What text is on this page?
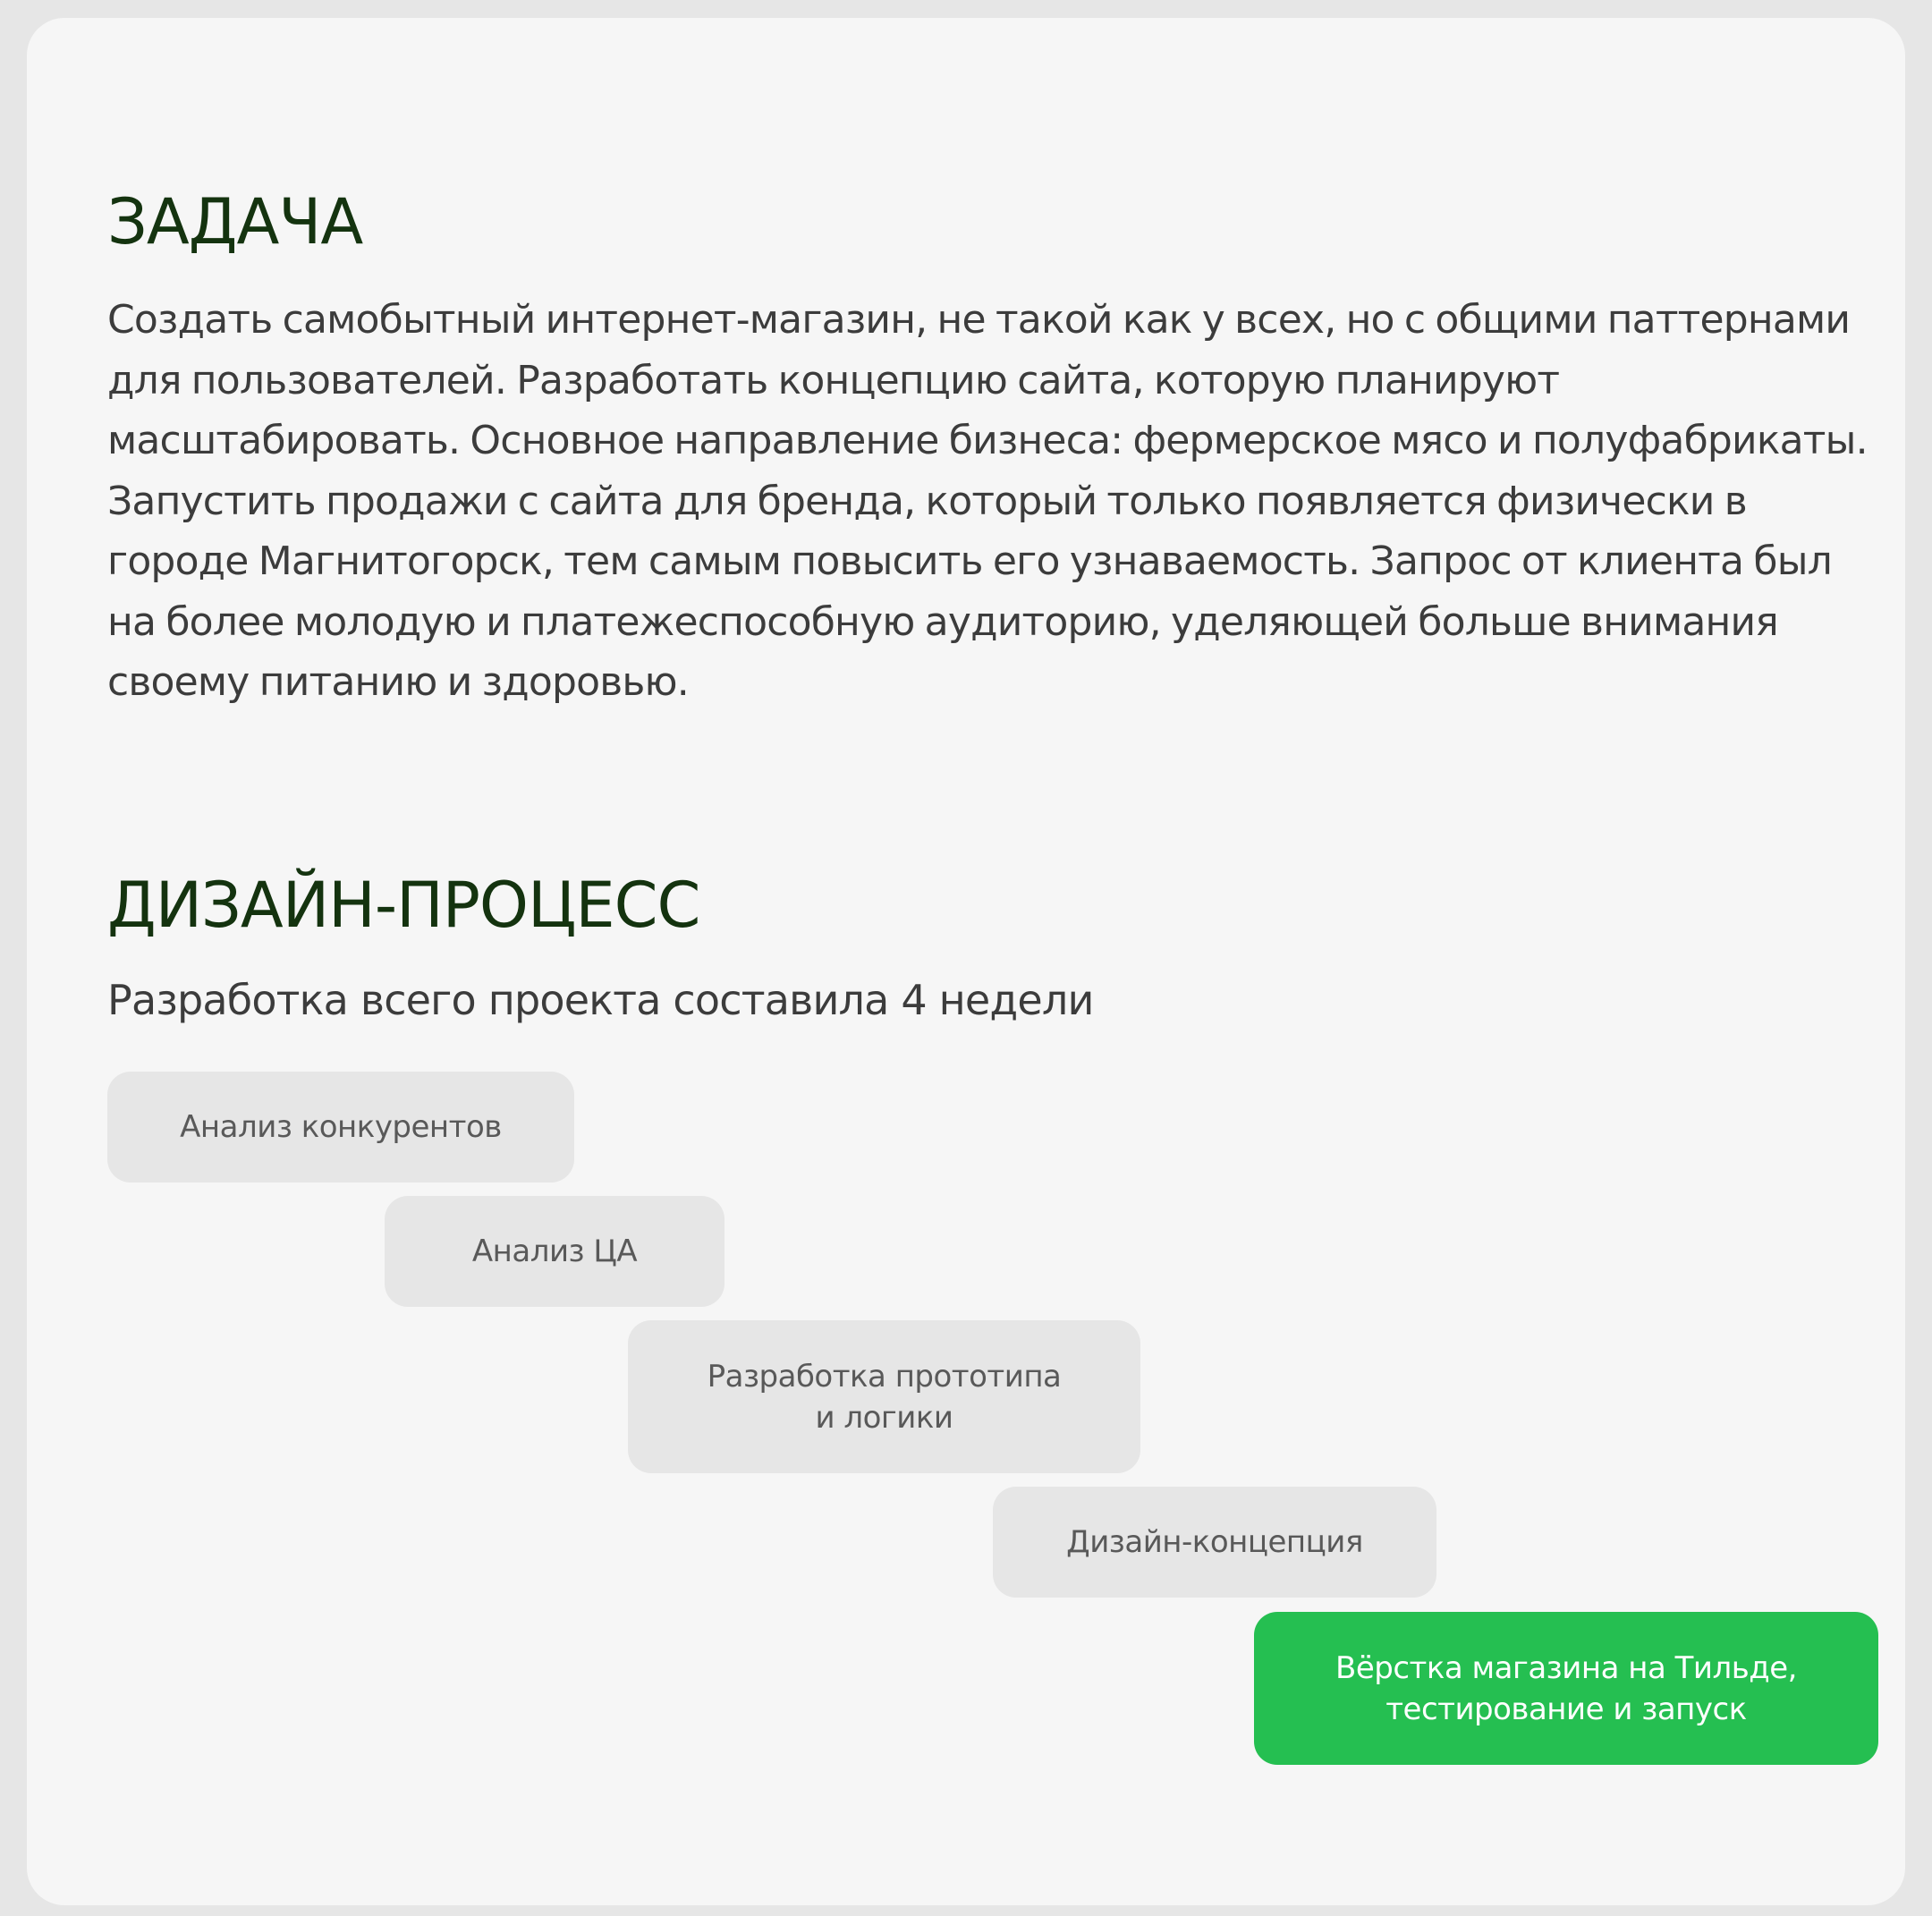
ЗАДАЧА

Создать самобытный интернет-магазин, не такой как у всех, но с общими паттернами для пользователей. Разработать концепцию сайта, которую планируют масштабировать. Основное направление бизнеса: фермерское мясо и полуфабрикаты. Запустить продажи с сайта для бренда, который только появляется физически в городе Магнитогорск, тем самым повысить его узнаваемость. Запрос от клиента был на более молодую и платежеспособную аудиторию, уделяющей больше внимания своему питанию и здоровью.

ДИЗАЙН-ПРОЦЕСС

Разработка всего проекта составила 4 недели

Анализ конкурентов
Анализ ЦА
Разработка прототипа
и логики
Дизайн-концепция
Вёрстка магазина на Тильде,
тестирование и запуск
